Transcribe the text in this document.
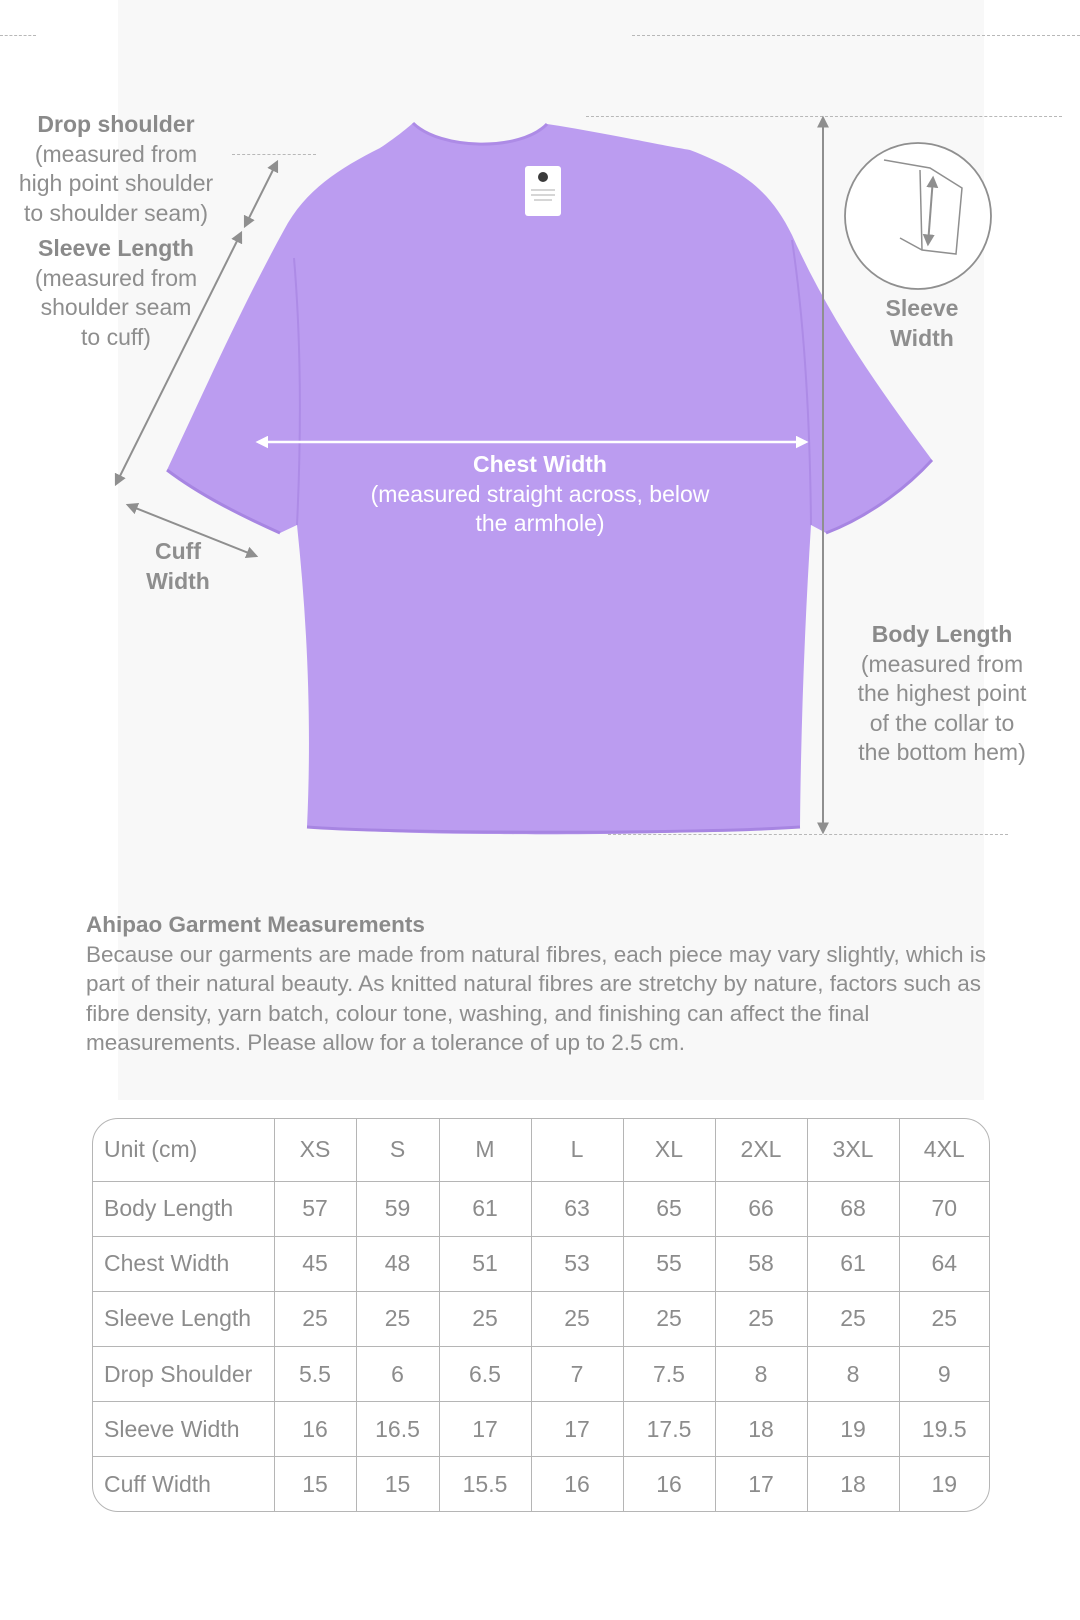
Drop shoulder
(measured from
high point shoulder
to shoulder seam)
Sleeve Length
(measured from
shoulder seam
to cuff)
Cuff
Width
Sleeve
Width
Chest Width
(measured straight across, below
the armhole)
Body Length
(measured from
the highest point
of the collar to
the bottom hem)
Ahipao Garment Measurements
Because our garments are made from natural fibres, each piece may vary slightly, which is part of their natural beauty. As knitted natural fibres are stretchy by nature, factors such as fibre density, yarn batch, colour tone, washing, and finishing can affect the final measurements. Please allow for a tolerance of up to 2.5 cm.
Unit (cm)	XS	S	M	L	XL	2XL	3XL	4XL
Body Length	57	59	61	63	65	66	68	70
Chest Width	45	48	51	53	55	58	61	64
Sleeve Length	25	25	25	25	25	25	25	25
Drop Shoulder	5.5	6	6.5	7	7.5	8	8	9
Sleeve Width	16	16.5	17	17	17.5	18	19	19.5
Cuff Width	15	15	15.5	16	16	17	18	19
